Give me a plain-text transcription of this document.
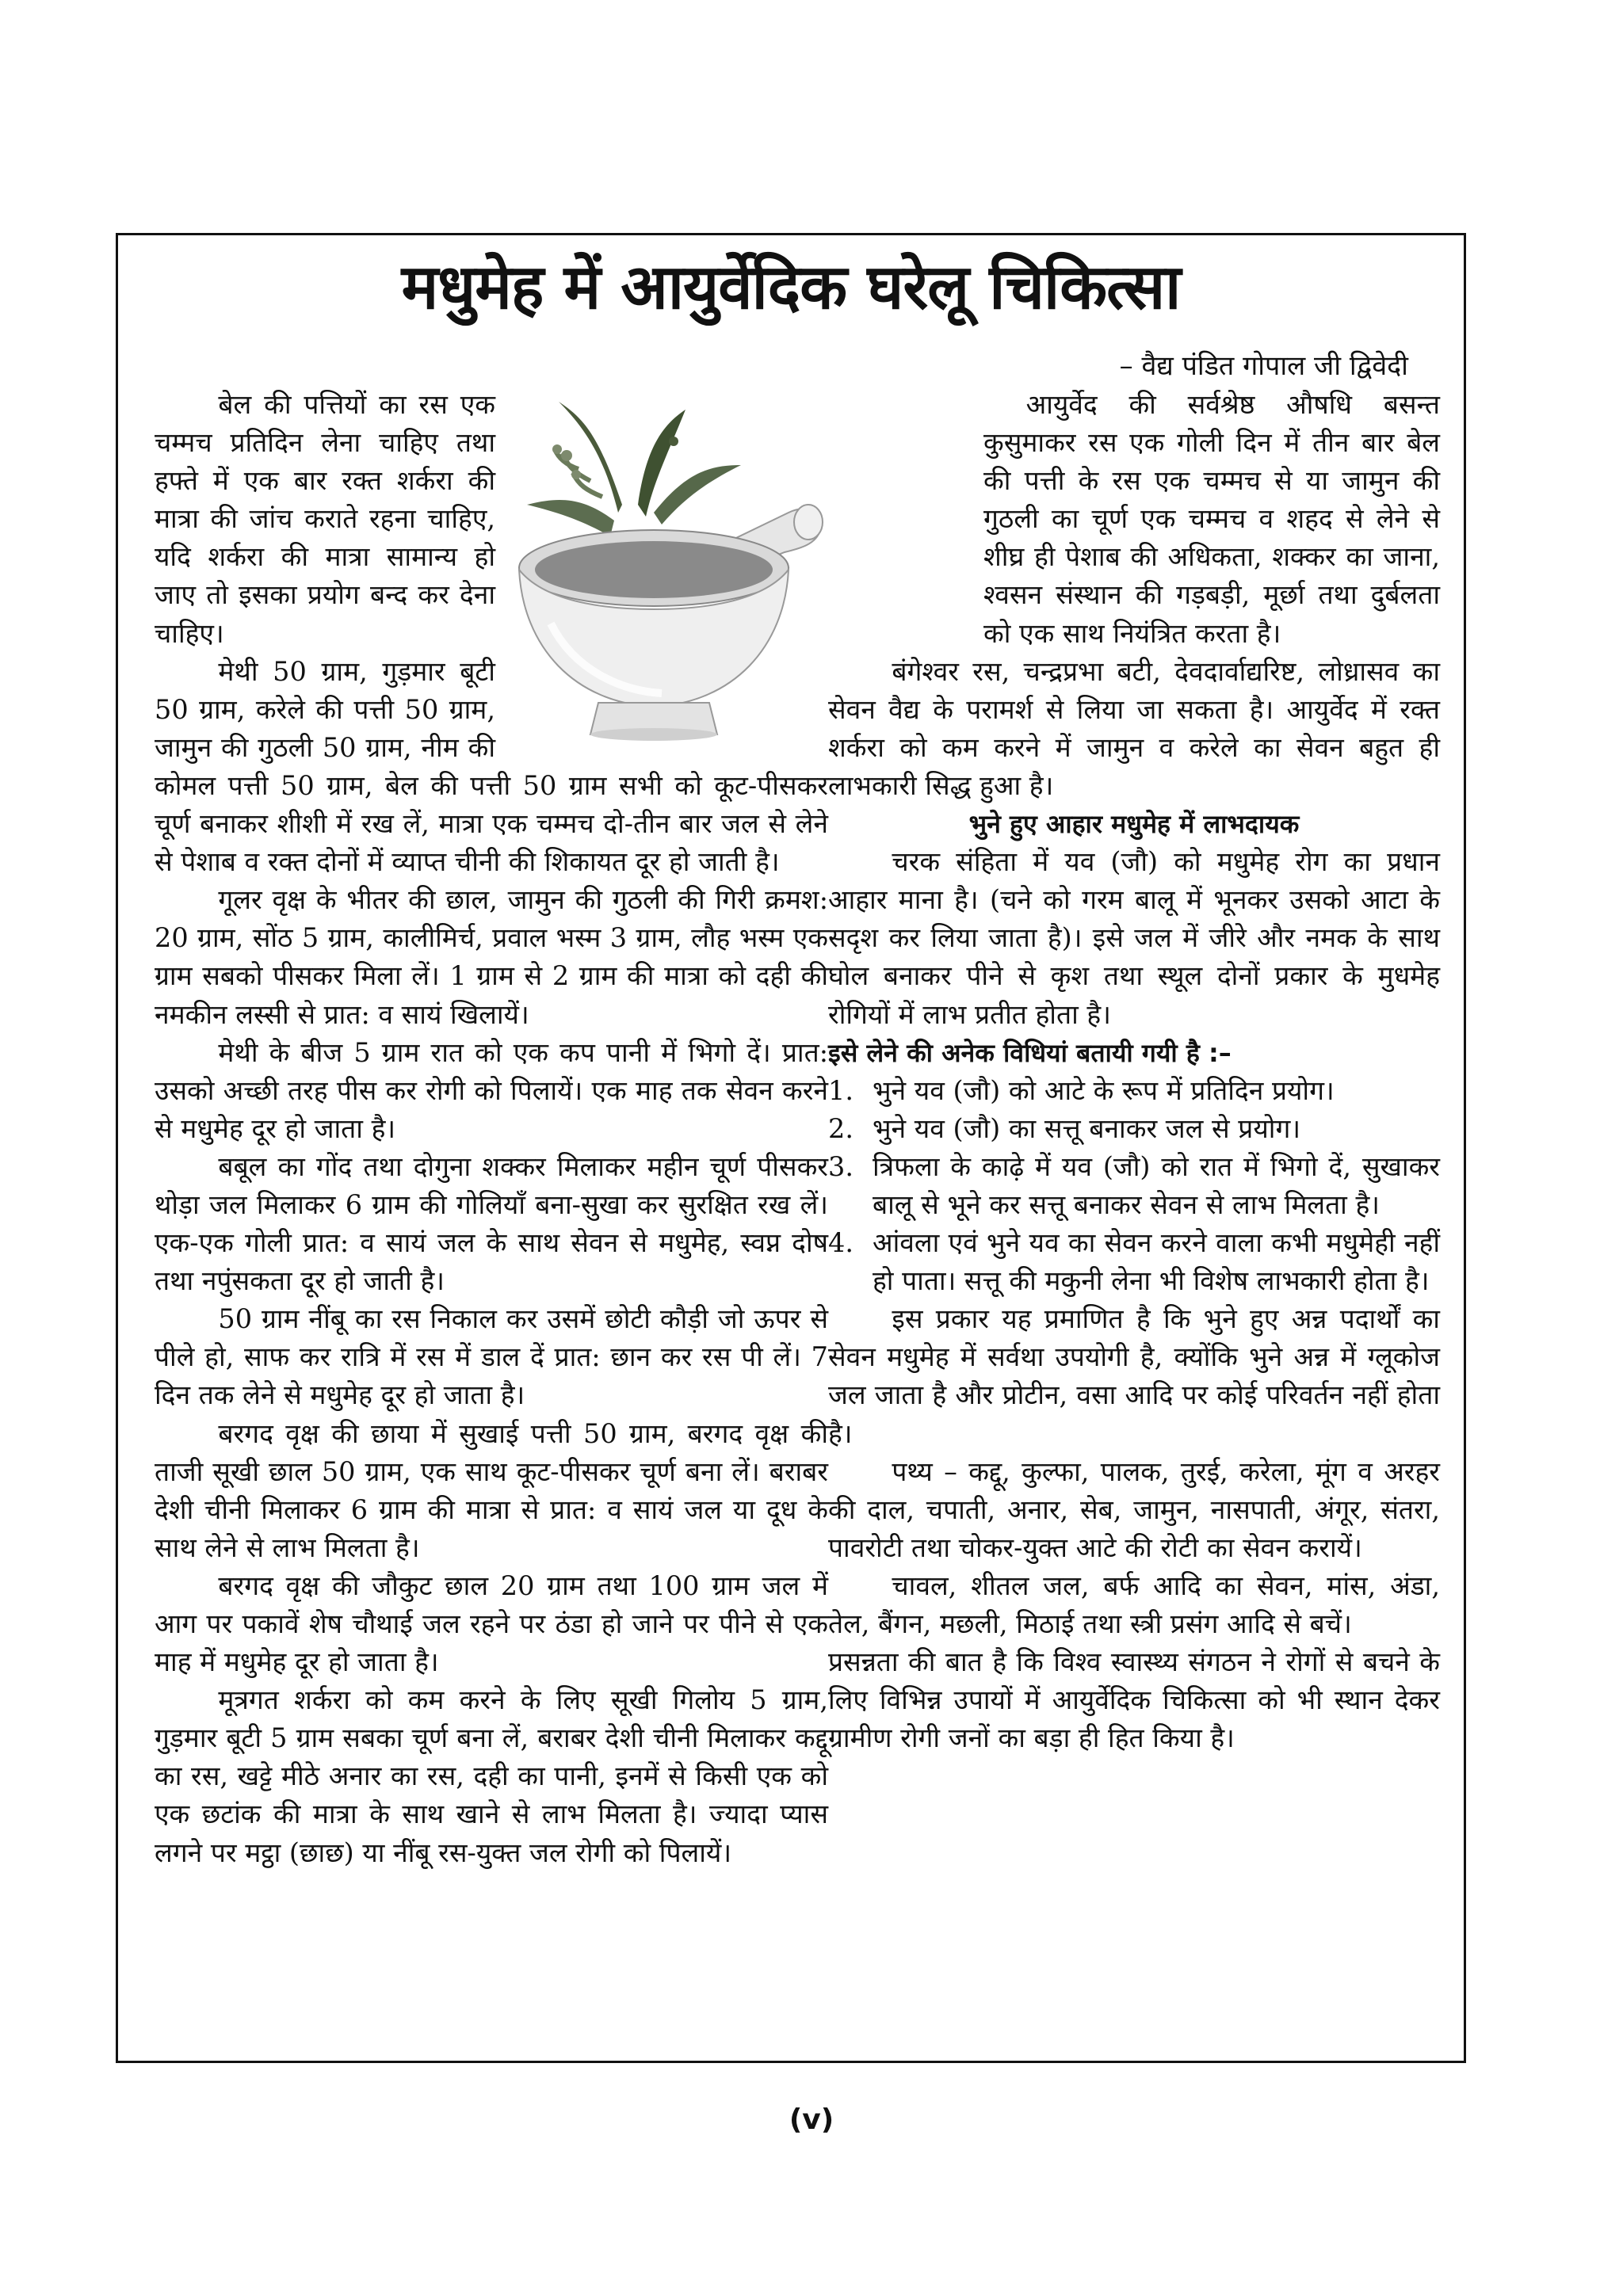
मधुमेह में आयुर्वेदिक घरेलू चिकित्सा

– वैद्य पंडित गोपाल जी द्विवेदी

बेल की पत्तियों का रस एक चम्मच प्रतिदिन लेना चाहिए तथा हफ्ते में एक बार रक्त शर्करा की मात्रा की जांच कराते रहना चाहिए, यदि शर्करा की मात्रा सामान्य हो जाए तो इसका प्रयोग बन्द कर देना चाहिए।

मेथी 50 ग्राम, गुड़मार बूटी 50 ग्राम, करेले की पत्ती 50 ग्राम, जामुन की गुठली 50 ग्राम, नीम की कोमल पत्ती 50 ग्राम, बेल की पत्ती 50 ग्राम सभी को कूट-पीसकर चूर्ण बनाकर शीशी में रख लें, मात्रा एक चम्मच दो-तीन बार जल से लेने से पेशाब व रक्त दोनों में व्याप्त चीनी की शिकायत दूर हो जाती है।

गूलर वृक्ष के भीतर की छाल, जामुन की गुठली की गिरी क्रमश: 20 ग्राम, सोंठ 5 ग्राम, कालीमिर्च, प्रवाल भस्म 3 ग्राम, लौह भस्म एक ग्राम सबको पीसकर मिला लें। 1 ग्राम से 2 ग्राम की मात्रा को दही की नमकीन लस्सी से प्रात: व सायं खिलायें।

मेथी के बीज 5 ग्राम रात को एक कप पानी में भिगो दें। प्रात: उसको अच्छी तरह पीस कर रोगी को पिलायें। एक माह तक सेवन करने से मधुमेह दूर हो जाता है।

बबूल का गोंद तथा दोगुना शक्कर मिलाकर महीन चूर्ण पीसकर थोड़ा जल मिलाकर 6 ग्राम की गोलियाँ बना-सुखा कर सुरक्षित रख लें। एक-एक गोली प्रात: व सायं जल के साथ सेवन से मधुमेह, स्वप्न दोष तथा नपुंसकता दूर हो जाती है।

50 ग्राम नींबू का रस निकाल कर उसमें छोटी कौड़ी जो ऊपर से पीले हो, साफ कर रात्रि में रस में डाल दें प्रात: छान कर रस पी लें। 7 दिन तक लेने से मधुमेह दूर हो जाता है।

बरगद वृक्ष की छाया में सुखाई पत्ती 50 ग्राम, बरगद वृक्ष की ताजी सूखी छाल 50 ग्राम, एक साथ कूट-पीसकर चूर्ण बना लें। बराबर देशी चीनी मिलाकर 6 ग्राम की मात्रा से प्रात: व सायं जल या दूध के साथ लेने से लाभ मिलता है।

बरगद वृक्ष की जौकुट छाल 20 ग्राम तथा 100 ग्राम जल में आग पर पकावें शेष चौथाई जल रहने पर ठंडा हो जाने पर पीने से एक माह में मधुमेह दूर हो जाता है।

मूत्रगत शर्करा को कम करने के लिए सूखी गिलोय 5 ग्राम, गुड़मार बूटी 5 ग्राम सबका चूर्ण बना लें, बराबर देशी चीनी मिलाकर कद्दू का रस, खट्टे मीठे अनार का रस, दही का पानी, इनमें से किसी एक को एक छटांक की मात्रा के साथ खाने से लाभ मिलता है। ज्यादा प्यास लगने पर मट्ठा (छाछ) या नींबू रस-युक्त जल रोगी को पिलायें।

आयुर्वेद की सर्वश्रेष्ठ औषधि बसन्त कुसुमाकर रस एक गोली दिन में तीन बार बेल की पत्ती के रस एक चम्मच से या जामुन की गुठली का चूर्ण एक चम्मच व शहद से लेने से शीघ्र ही पेशाब की अधिकता, शक्कर का जाना, श्वसन संस्थान की गड़बड़ी, मूर्छा तथा दुर्बलता को एक साथ नियंत्रित करता है।

बंगेश्वर रस, चन्द्रप्रभा बटी, देवदार्वाद्यरिष्ट, लोध्रासव का सेवन वैद्य के परामर्श से लिया जा सकता है। आयुर्वेद में रक्त शर्करा को कम करने में जामुन व करेले का सेवन बहुत ही लाभकारी सिद्ध हुआ है।

भुने हुए आहार मधुमेह में लाभदायक

चरक संहिता में यव (जौ) को मधुमेह रोग का प्रधान आहार माना है। (चने को गरम बालू में भूनकर उसको आटा के सदृश कर लिया जाता है)। इसे जल में जीरे और नमक के साथ घोल बनाकर पीने से कृश तथा स्थूल दोनों प्रकार के मुधमेह रोगियों में लाभ प्रतीत होता है।

इसे लेने की अनेक विधियां बतायी गयी है :–

1. भुने यव (जौ) को आटे के रूप में प्रतिदिन प्रयोग।
2. भुने यव (जौ) का सत्तू बनाकर जल से प्रयोग।
3. त्रिफला के काढ़े में यव (जौ) को रात में भिगो दें, सुखाकर बालू से भूने कर सत्तू बनाकर सेवन से लाभ मिलता है।
4. आंवला एवं भुने यव का सेवन करने वाला कभी मधुमेही नहीं हो पाता। सत्तू की मकुनी लेना भी विशेष लाभकारी होता है।

इस प्रकार यह प्रमाणित है कि भुने हुए अन्न पदार्थों का सेवन मधुमेह में सर्वथा उपयोगी है, क्योंकि भुने अन्न में ग्लूकोज जल जाता है और प्रोटीन, वसा आदि पर कोई परिवर्तन नहीं होता है।

पथ्य – कद्दू, कुल्फा, पालक, तुरई, करेला, मूंग व अरहर की दाल, चपाती, अनार, सेब, जामुन, नासपाती, अंगूर, संतरा, पावरोटी तथा चोकर-युक्त आटे की रोटी का सेवन करायें।

चावल, शीतल जल, बर्फ आदि का सेवन, मांस, अंडा, तेल, बैंगन, मछली, मिठाई तथा स्त्री प्रसंग आदि से बचें।

प्रसन्नता की बात है कि विश्व स्वास्थ्य संगठन ने रोगों से बचने के लिए विभिन्न उपायों में आयुर्वेदिक चिकित्सा को भी स्थान देकर ग्रामीण रोगी जनों का बड़ा ही हित किया है।

(v)
